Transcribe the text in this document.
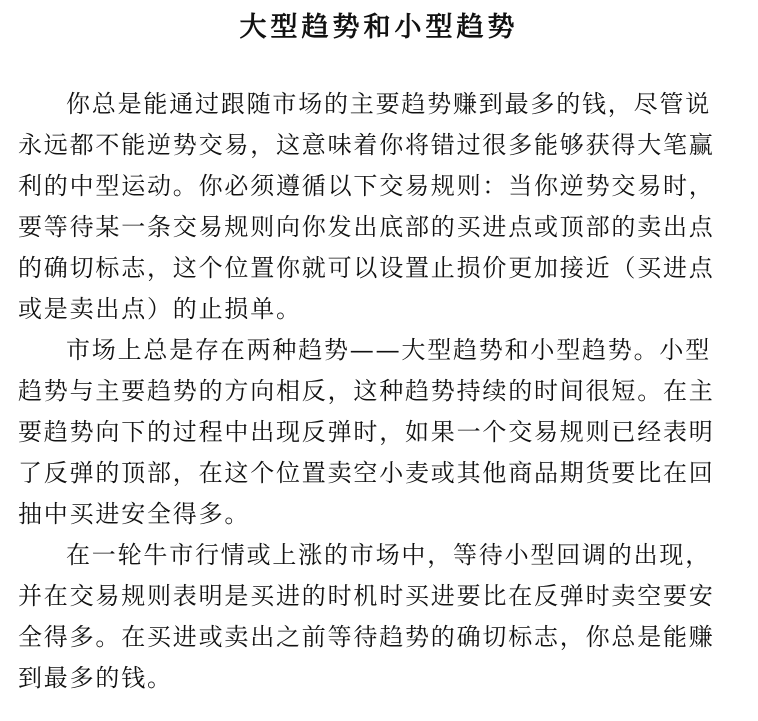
大型趋势和小型趋势

你总是能通过跟随市场的主要趋势赚到最多的钱，尽管说
永远都不能逆势交易，这意味着你将错过很多能够获得大笔赢
利的中型运动。你必须遵循以下交易规则：当你逆势交易时，
要等待某一条交易规则向你发出底部的买进点或顶部的卖出点
的确切标志，这个位置你就可以设置止损价更加接近（买进点
或是卖出点）的止损单。

市场上总是存在两种趋势——大型趋势和小型趋势。小型
趋势与主要趋势的方向相反，这种趋势持续的时间很短。在主
要趋势向下的过程中出现反弹时，如果一个交易规则已经表明
了反弹的顶部，在这个位置卖空小麦或其他商品期货要比在回
抽中买进安全得多。

在一轮牛市行情或上涨的市场中，等待小型回调的出现，
并在交易规则表明是买进的时机时买进要比在反弹时卖空要安
全得多。在买进或卖出之前等待趋势的确切标志，你总是能赚
到最多的钱。
